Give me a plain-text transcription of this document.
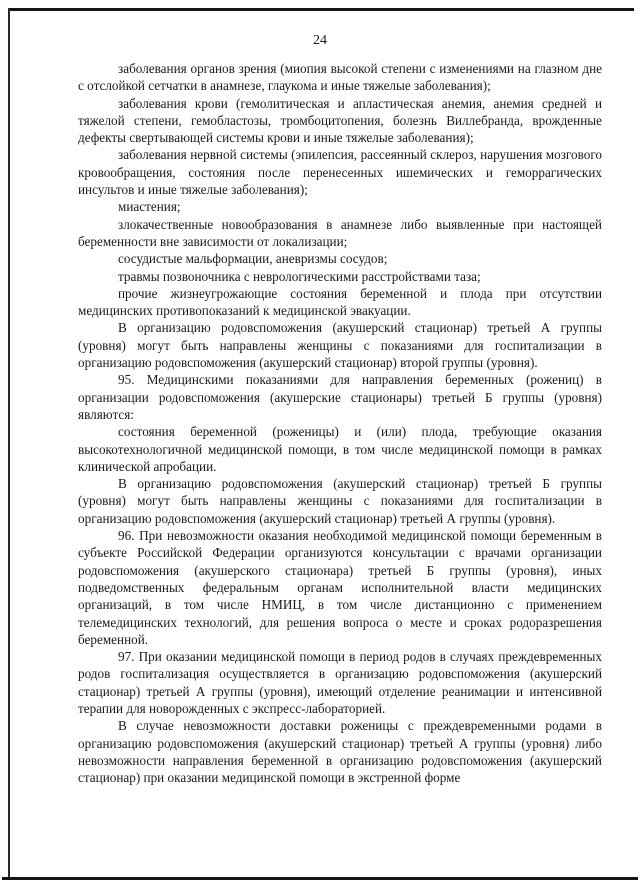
24

заболевания органов зрения (миопия высокой степени с изменениями на глазном дне с отслойкой сетчатки в анамнезе, глаукома и иные тяжелые заболевания);

заболевания крови (гемолитическая и апластическая анемия, анемия средней и тяжелой степени, гемобластозы, тромбоцитопения, болезнь Виллебранда, врожденные дефекты свертывающей системы крови и иные тяжелые заболевания);

заболевания нервной системы (эпилепсия, рассеянный склероз, нарушения мозгового кровообращения, состояния после перенесенных ишемических и геморрагических инсультов и иные тяжелые заболевания);

миастения;

злокачественные новообразования в анамнезе либо выявленные при настоящей беременности вне зависимости от локализации;

сосудистые мальформации, аневризмы сосудов;

травмы позвоночника с неврологическими расстройствами таза;

прочие жизнеугрожающие состояния беременной и плода при отсутствии медицинских противопоказаний к медицинской эвакуации.

В организацию родовспоможения (акушерский стационар) третьей А группы (уровня) могут быть направлены женщины с показаниями для госпитализации в организацию родовспоможения (акушерский стационар) второй группы (уровня).

95. Медицинскими показаниями для направления беременных (рожениц) в организации родовспоможения (акушерские стационары) третьей Б группы (уровня) являются:

состояния беременной (роженицы) и (или) плода, требующие оказания высокотехнологичной медицинской помощи, в том числе медицинской помощи в рамках клинической апробации.

В организацию родовспоможения (акушерский стационар) третьей Б группы (уровня) могут быть направлены женщины с показаниями для госпитализации в организацию родовспоможения (акушерский стационар) третьей А группы (уровня).

96. При невозможности оказания необходимой медицинской помощи беременным в субъекте Российской Федерации организуются консультации с врачами организации родовспоможения (акушерского стационара) третьей Б группы (уровня), иных подведомственных федеральным органам исполнительной власти медицинских организаций, в том числе НМИЦ, в том числе дистанционно с применением телемедицинских технологий, для решения вопроса о месте и сроках родоразрешения беременной.

97. При оказании медицинской помощи в период родов в случаях преждевременных родов госпитализация осуществляется в организацию родовспоможения (акушерский стационар) третьей А группы (уровня), имеющий отделение реанимации и интенсивной терапии для новорожденных с экспресс-лабораторией.

В случае невозможности доставки роженицы с преждевременными родами в организацию родовспоможения (акушерский стационар) третьей А группы (уровня) либо невозможности направления беременной в организацию родовспоможения (акушерский стационар) при оказании медицинской помощи в экстренной форме
